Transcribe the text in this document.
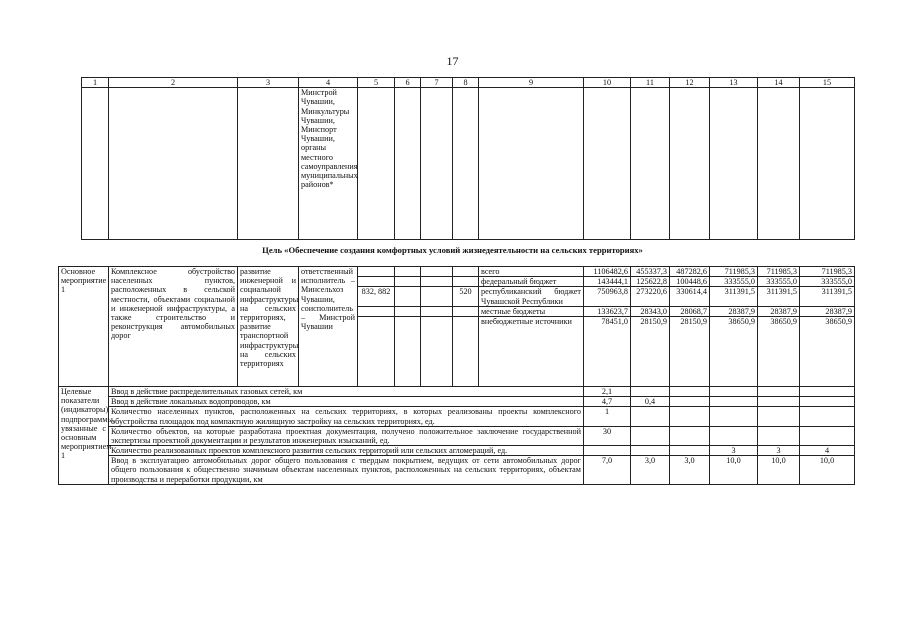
17
1	2	3	4	5	6	7	8	9	10	11	12	13	14	15
			Минстрой Чувашии, Минкультуры Чувашии, Минспорт Чувашии, органы местного самоуправления муниципальных районов*											
Цель «Обеспечение создания комфортных условий жизнедеятельности на сельских территориях»
Основное мероприятие 1	Комплексное обустройство населенных пунктов, расположенных в сельской местности, объектами социальной и инженерной инфраструктуры, а также строительство и реконструкция автомобильных дорог	развитие инженерной и социальной инфраструктуры на сельских территориях, развитие транспортной инфраструктуры на сельских территориях	ответственный исполнитель – Минсельхоз Чувашии, соисполнитель – Минстрой Чувашии					всего	1106482,6	455337,3	487282,6	711985,3	711985,3	711985,3
								федеральный бюджет	143444,1	125622,8	100448,6	333555,0	333555,0	333555,0
				832, 882			520	республиканский бюджет Чувашской Республики	750963,8	273220,6	330614,4	311391,5	311391,5	311391,5
								местные бюджеты	133623,7	28343,0	28068,7	28387,9	28387,9	28387,9
								внебюджетные источники	78451,0	28150,9	28150,9	38650,9	38650,9	38650,9
Целевые показатели (индикаторы) подпрограммы, увязанные с основным мероприятием 1	Ввод в действие распределительных газовых сетей, км								2,1					
	Ввод в действие локальных водопроводов, км								4,7	0,4				
	Количество населенных пунктов, расположенных на сельских территориях, в которых реализованы проекты комплексного обустройства площадок под компактную жилищную застройку на сельских территориях, ед.								1					
	Количество объектов, на которые разработана проектная документация, получено положительное заключение государственной экспертизы проектной документации и результатов инженерных изысканий, ед.								30					
	Количество реализованных проектов комплексного развития сельских территорий или сельских агломераций, ед.											3	3	4
	Ввод в эксплуатацию автомобильных дорог общего пользования с твердым покрытием, ведущих от сети автомобильных дорог общего пользования к общественно значимым объектам населенных пунктов, расположенных на сельских территориях, объектам производства и переработки продукции, км								7,0	3,0	3,0	10,0	10,0	10,0
